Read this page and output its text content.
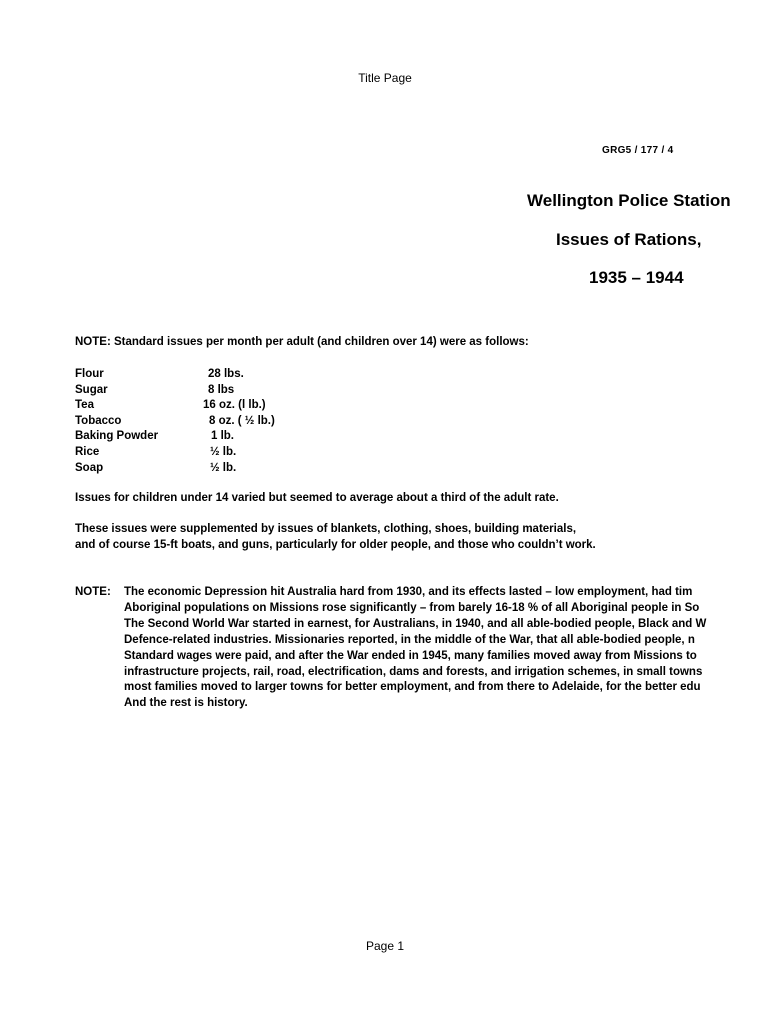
Title Page
GRG5 / 177 / 4
Wellington Police Station
Issues of Rations,
1935 – 1944
NOTE: Standard issues per month per adult (and children over 14) were as follows:
Flour	28 lbs.
Sugar	8 lbs
Tea	16 oz. (l lb.)
Tobacco	8 oz. ( ½ lb.)
Baking Powder	1 lb.
Rice	½ lb.
Soap	½ lb.
Issues for children under 14 varied but seemed to average about a third of the adult rate.
These issues were supplemented by issues of blankets, clothing, shoes, building materials,
and of course 15-ft boats, and guns, particularly for older people, and those who couldn’t work.
NOTE: The economic Depression hit Australia hard from 1930, and its effects lasted – low employment, had tim
Aboriginal populations on Missions rose significantly – from barely 16-18 % of all Aboriginal people in So
The Second World War started in earnest, for Australians, in 1940, and all able-bodied people, Black and W
Defence-related industries. Missionaries reported, in the middle of the War, that all able-bodied people, n
Standard wages were paid, and after the War ended in 1945, many families moved away from Missions to
infrastructure projects, rail, road, electrification, dams and forests, and irrigation schemes, in small towns
most families moved to larger towns for better employment, and from there to Adelaide, for the better edu
And the rest is history.
Page 1
